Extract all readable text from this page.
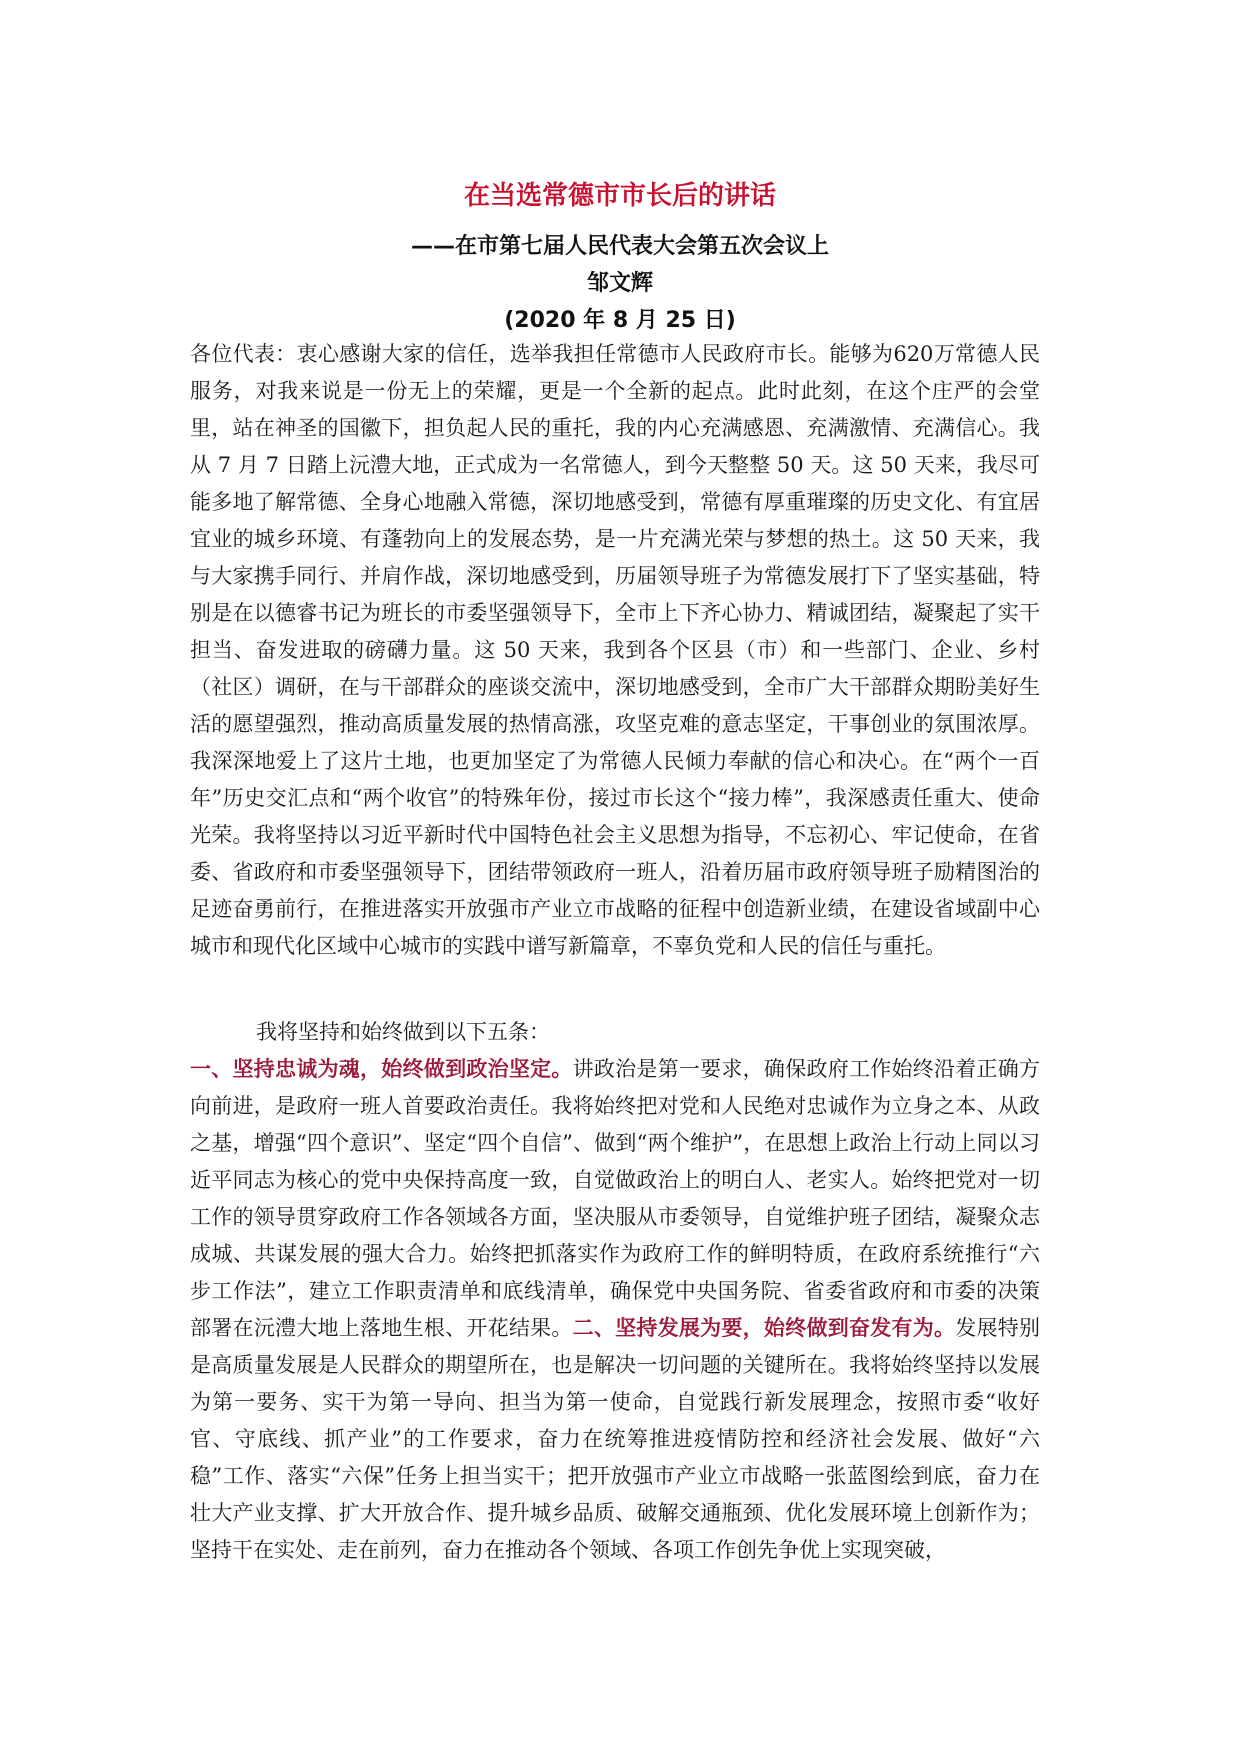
在当选常德市市长后的讲话
——在市第七届人民代表大会第五次会议上
邹文辉
(2020 年 8 月 25 日)

各位代表：衷心感谢大家的信任，选举我担任常德市人民政府市长。能够为620万常德人民服务，对我来说是一份无上的荣耀，更是一个全新的起点。此时此刻，在这个庄严的会堂里，站在神圣的国徽下，担负起人民的重托，我的内心充满感恩、充满激情、充满信心。我从 7 月 7 日踏上沅澧大地，正式成为一名常德人，到今天整整 50 天。这 50 天来，我尽可能多地了解常德、全身心地融入常德，深切地感受到，常德有厚重璀璨的历史文化、有宜居宜业的城乡环境、有蓬勃向上的发展态势，是一片充满光荣与梦想的热土。这 50 天来，我与大家携手同行、并肩作战，深切地感受到，历届领导班子为常德发展打下了坚实基础，特别是在以德睿书记为班长的市委坚强领导下，全市上下齐心协力、精诚团结，凝聚起了实干担当、奋发进取的磅礴力量。这 50 天来，我到各个区县（市）和一些部门、企业、乡村（社区）调研，在与干部群众的座谈交流中，深切地感受到，全市广大干部群众期盼美好生活的愿望强烈，推动高质量发展的热情高涨，攻坚克难的意志坚定，干事创业的氛围浓厚。我深深地爱上了这片土地，也更加坚定了为常德人民倾力奉献的信心和决心。在“两个一百年”历史交汇点和“两个收官”的特殊年份，接过市长这个“接力棒”，我深感责任重大、使命光荣。我将坚持以习近平新时代中国特色社会主义思想为指导，不忘初心、牢记使命，在省委、省政府和市委坚强领导下，团结带领政府一班人，沿着历届市政府领导班子励精图治的足迹奋勇前行，在推进落实开放强市产业立市战略的征程中创造新业绩，在建设省域副中心城市和现代化区域中心城市的实践中谱写新篇章，不辜负党和人民的信任与重托。

我将坚持和始终做到以下五条：

一、坚持忠诚为魂，始终做到政治坚定。讲政治是第一要求，确保政府工作始终沿着正确方向前进，是政府一班人首要政治责任。我将始终把对党和人民绝对忠诚作为立身之本、从政之基，增强“四个意识”、坚定“四个自信”、做到“两个维护”，在思想上政治上行动上同以习近平同志为核心的党中央保持高度一致，自觉做政治上的明白人、老实人。始终把党对一切工作的领导贯穿政府工作各领域各方面，坚决服从市委领导，自觉维护班子团结，凝聚众志成城、共谋发展的强大合力。始终把抓落实作为政府工作的鲜明特质，在政府系统推行“六步工作法”，建立工作职责清单和底线清单，确保党中央国务院、省委省政府和市委的决策部署在沅澧大地上落地生根、开花结果。二、坚持发展为要，始终做到奋发有为。发展特别是高质量发展是人民群众的期望所在，也是解决一切问题的关键所在。我将始终坚持以发展为第一要务、实干为第一导向、担当为第一使命，自觉践行新发展理念，按照市委“收好官、守底线、抓产业”的工作要求，奋力在统筹推进疫情防控和经济社会发展、做好“六稳”工作、落实“六保”任务上担当实干；把开放强市产业立市战略一张蓝图绘到底，奋力在壮大产业支撑、扩大开放合作、提升城乡品质、破解交通瓶颈、优化发展环境上创新作为；坚持干在实处、走在前列，奋力在推动各个领域、各项工作创先争优上实现突破，
